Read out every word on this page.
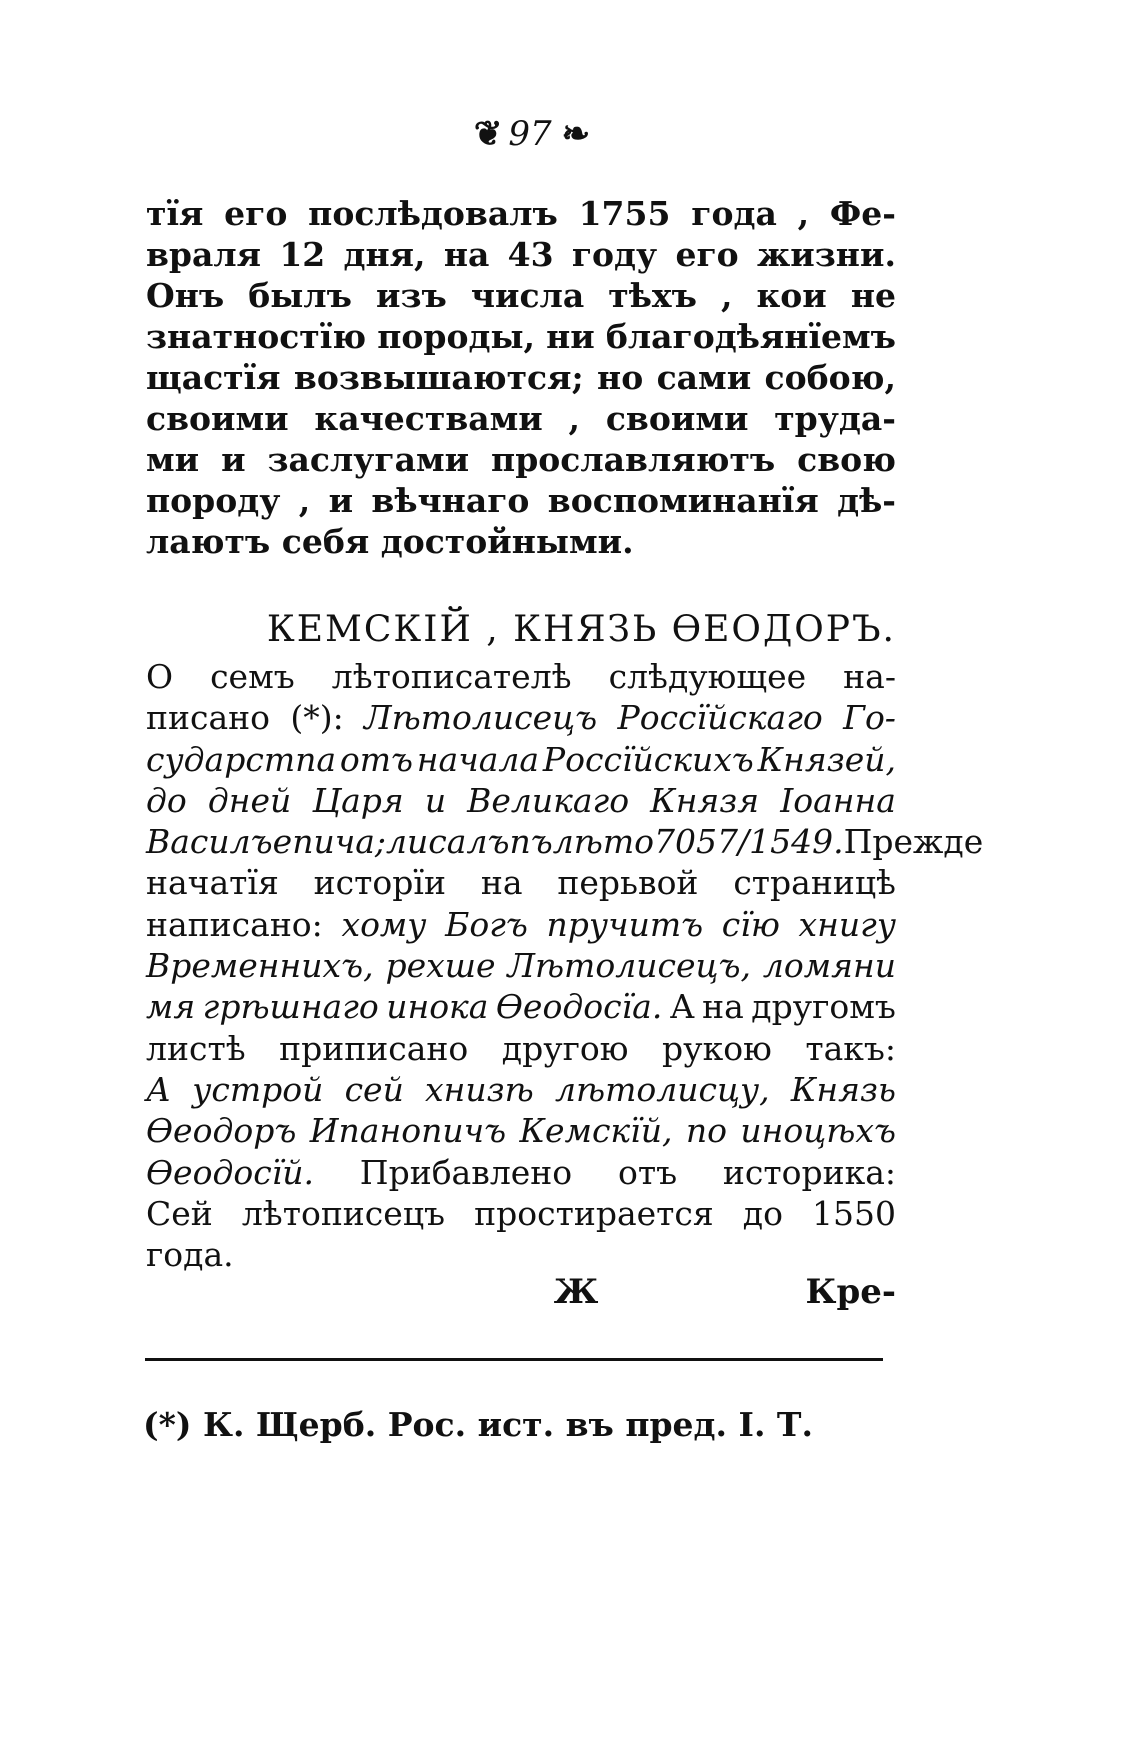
❦ 97 ❧
тїя его послѣдовалъ 1755 года , Фе-
враля 12 дня, на 43 году его жизни.
Онъ былъ изъ числа тѣхъ , кои не
знатностїю породы, ни благодѣянїемъ
щастїя возвышаются; но сами собою,
своими качествами , своими труда-
ми и заслугами прославляютъ свою
породу , и вѣчнаго воспоминанїя дѣ-
лаютъ себя достойными.
КЕМСКIЙ , КНЯЗЬ ѲЕОДОРЪ.
О семъ лѣтописателѣ слѣдующее на-
писано (*): Лѣтолисецъ Россїйскаго Го-
сударстпа отъ начала Россїйскихъ Князей,
до дней Царя и Великаго Князя Іоанна
Василъепича; лисалъ пъ лѣто 7057/1549. Прежде
начатїя исторїи на перьвой страницѣ
написано: хому Богъ пручитъ сїю хнигу
Временнихъ, рехше Лѣтолисецъ, ломяни
мя грѣшнаго инока Ѳеодосїа. А на другомъ
листѣ приписано другою рукою такъ:
А устрой сей хнизѣ лѣтолисцу, Князь
Ѳеодоръ Ипанопичъ Кемскїй, по иноцѣхъ
Ѳеодосїй. Прибавлено отъ историка:
Сей лѣтописецъ простирается до 1550
года.
Ж	Кре-
(*) К. Щерб. Рос. ист. въ пред. I. Т.
